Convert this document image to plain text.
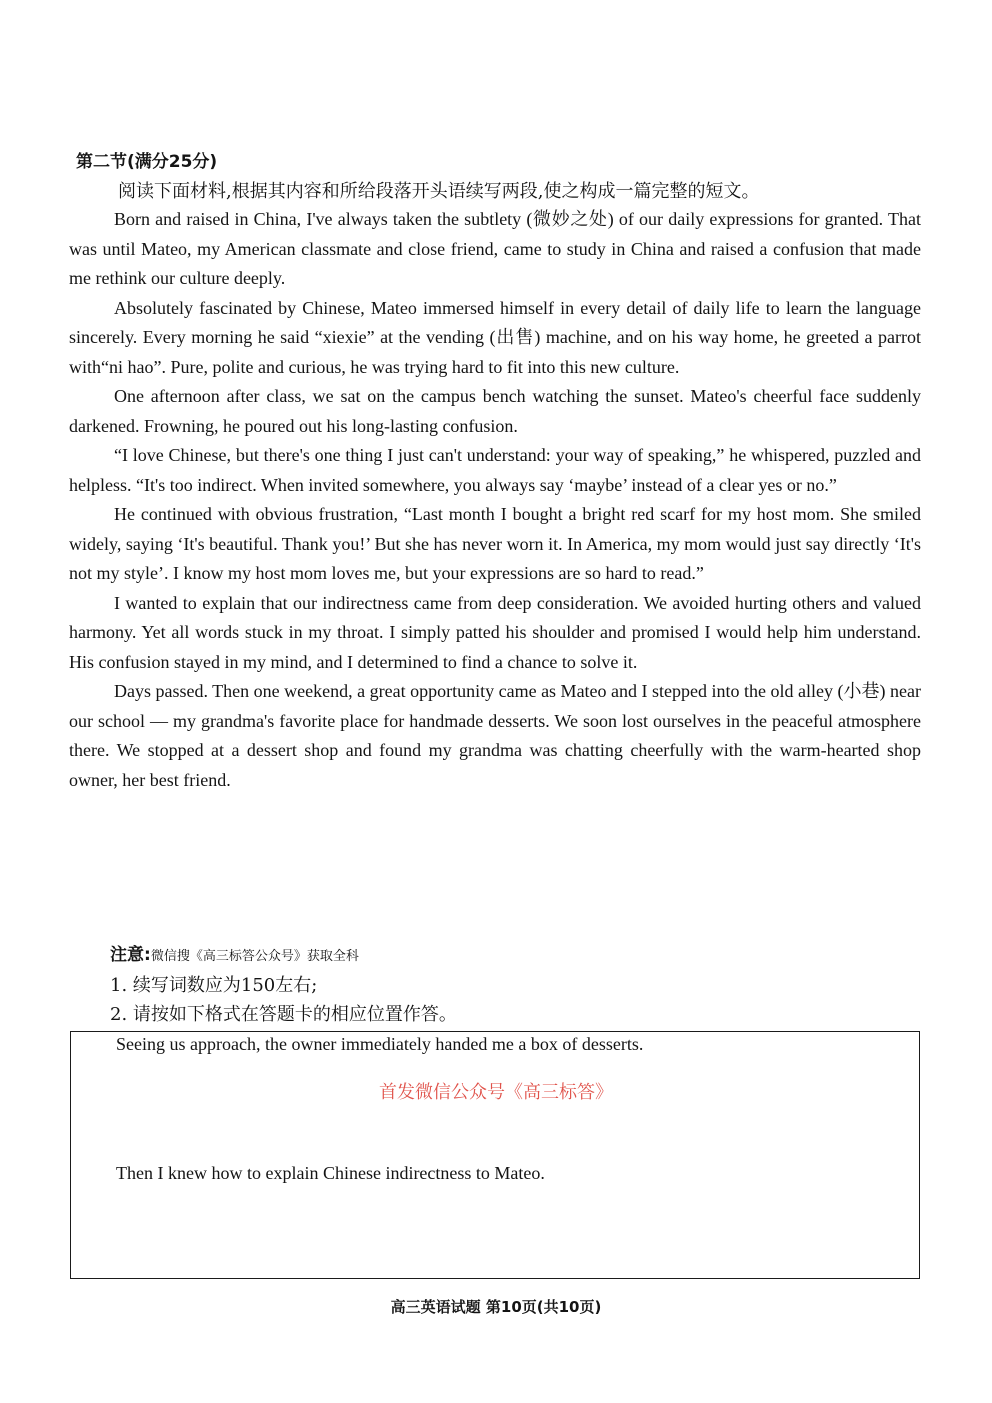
第二节(满分25分)
阅读下面材料,根据其内容和所给段落开头语续写两段,使之构成一篇完整的短文。

Born and raised in China, I've always taken the subtlety (微妙之处) of our daily expressions for granted. That was until Mateo, my American classmate and close friend, came to study in China and raised a confusion that made me rethink our culture deeply.

Absolutely fascinated by Chinese, Mateo immersed himself in every detail of daily life to learn the language sincerely. Every morning he said “xiexie” at the vending (出售) machine, and on his way home, he greeted a parrot with“ni hao”. Pure, polite and curious, he was trying hard to fit into this new culture.

One afternoon after class, we sat on the campus bench watching the sunset. Mateo's cheerful face suddenly darkened. Frowning, he poured out his long-lasting confusion.

“I love Chinese, but there's one thing I just can't understand: your way of speaking,” he whispered, puzzled and helpless. “It's too indirect. When invited somewhere, you always say ‘maybe’ instead of a clear yes or no.”

He continued with obvious frustration, “Last month I bought a bright red scarf for my host mom. She smiled widely, saying ‘It's beautiful. Thank you!’ But she has never worn it. In America, my mom would just say directly ‘It's not my style’. I know my host mom loves me, but your expressions are so hard to read.”

I wanted to explain that our indirectness came from deep consideration. We avoided hurting others and valued harmony. Yet all words stuck in my throat. I simply patted his shoulder and promised I would help him understand. His confusion stayed in my mind, and I determined to find a chance to solve it.

Days passed. Then one weekend, a great opportunity came as Mateo and I stepped into the old alley (小巷) near our school — my grandma's favorite place for handmade desserts. We soon lost ourselves in the peaceful atmosphere there. We stopped at a dessert shop and found my grandma was chatting cheerfully with the warm-hearted shop owner, her best friend.

注意:微信搜《高三标答公众号》获取全科
1. 续写词数应为150左右;
2. 请按如下格式在答题卡的相应位置作答。
Seeing us approach, the owner immediately handed me a box of desserts.
首发微信公众号《高三标答》
Then I knew how to explain Chinese indirectness to Mateo.
高三英语试题 第10页(共10页)
